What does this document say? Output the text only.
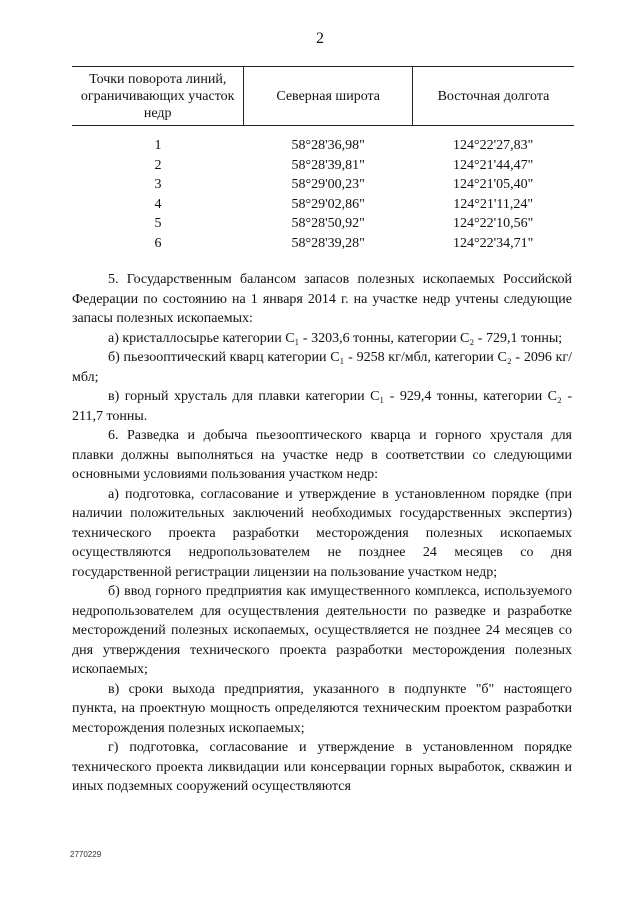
2
Точки поворота линий, ограничивающих участок недр	Северная широта	Восточная долгота

1	58°28'36,98"	124°22'27,83"
2	58°28'39,81"	124°21'44,47"
3	58°29'00,23"	124°21'05,40"
4	58°29'02,86"	124°21'11,24"
5	58°28'50,92"	124°22'10,56"
6	58°28'39,28"	124°22'34,71"

5. Государственным балансом запасов полезных ископаемых Российской Федерации по состоянию на 1 января 2014 г. на участке недр учтены следующие запасы полезных ископаемых:

а) кристаллосырье категории C₁ - 3203,6 тонны, категории C₂ - 729,1 тонны;

б) пьезооптический кварц категории C₁ - 9258 кг/мбл, категории C₂ - 2096 кг/мбл;

в) горный хрусталь для плавки категории C₁ - 929,4 тонны, категории C₂ - 211,7 тонны.

6. Разведка и добыча пьезооптического кварца и горного хрусталя для плавки должны выполняться на участке недр в соответствии со следующими основными условиями пользования участком недр:

а) подготовка, согласование и утверждение в установленном порядке (при наличии положительных заключений необходимых государственных экспертиз) технического проекта разработки месторождения полезных ископаемых осуществляются недропользователем не позднее 24 месяцев со дня государственной регистрации лицензии на пользование участком недр;

б) ввод горного предприятия как имущественного комплекса, используемого недропользователем для осуществления деятельности по разведке и разработке месторождений полезных ископаемых, осуществляется не позднее 24 месяцев со дня утверждения технического проекта разработки месторождения полезных ископаемых;

в) сроки выхода предприятия, указанного в подпункте "б" настоящего пункта, на проектную мощность определяются техническим проектом разработки месторождения полезных ископаемых;

г) подготовка, согласование и утверждение в установленном порядке технического проекта ликвидации или консервации горных выработок, скважин и иных подземных сооружений осуществляются

2770229
